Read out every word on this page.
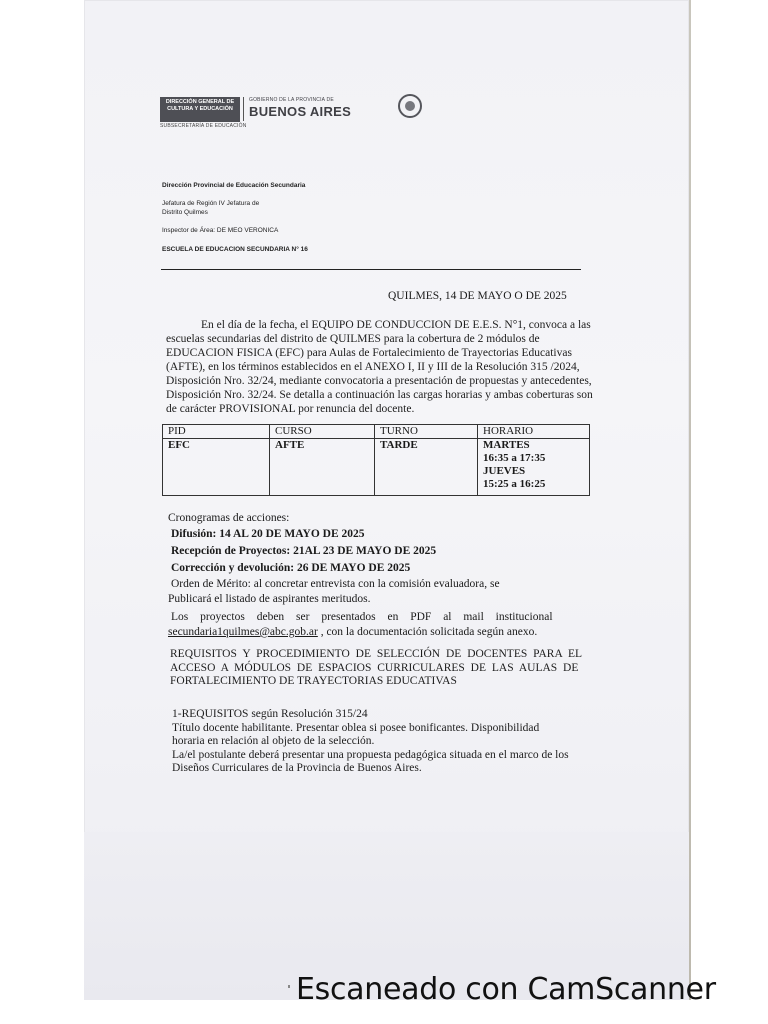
DIRECCIÓN GENERAL DE
CULTURA Y EDUCACIÓN
GOBIERNO DE LA PROVINCIA DE
BUENOS AIRES
SUBSECRETARÍA DE EDUCACIÓN
Dirección Provincial de Educación Secundaria
Jefatura de Región IV Jefatura de
Distrito Quilmes
Inspector de Área: DE MEO VERONICA
ESCUELA DE EDUCACION SECUNDARIA N° 16
QUILMES, 14 DE MAYO O DE 2025
En el día de la fecha, el EQUIPO DE CONDUCCION DE E.E.S. N°1, convoca a las
escuelas secundarias del distrito de QUILMES para la cobertura de 2 módulos de
EDUCACION FISICA (EFC) para Aulas de Fortalecimiento de Trayectorias Educativas
(AFTE), en los términos establecidos en el ANEXO I, II y III de la Resolución 315 /2024,
Disposición Nro. 32/24, mediante convocatoria a presentación de propuestas y antecedentes,
Disposición Nro. 32/24. Se detalla a continuación las cargas horarias y ambas coberturas son
de carácter PROVISIONAL por renuncia del docente.
PID	CURSO	TURNO	HORARIO
EFC	AFTE	TARDE	MARTES
16:35 a 17:35
JUEVES
15:25 a 16:25
Cronogramas de acciones:
Difusión: 14 AL 20 DE MAYO DE 2025
Recepción de Proyectos: 21AL 23 DE MAYO DE 2025
Corrección y devolución: 26 DE MAYO DE 2025
Orden de Mérito: al concretar entrevista con la comisión evaluadora, se
Publicará el listado de aspirantes meritudos.
Los proyectos deben ser presentados en PDF al mail institucional
secundaria1quilmes@abc.gob.ar , con la documentación solicitada según anexo.
REQUISITOS Y PROCEDIMIENTO DE SELECCIÓN DE DOCENTES PARA EL
ACCESO A MÓDULOS DE ESPACIOS CURRICULARES DE LAS AULAS DE
FORTALECIMIENTO DE TRAYECTORIAS EDUCATIVAS
1-REQUISITOS según Resolución 315/24
Título docente habilitante. Presentar oblea si posee bonificantes. Disponibilidad
horaria en relación al objeto de la selección.
La/el postulante deberá presentar una propuesta pedagógica situada en el marco de los
Diseños Curriculares de la Provincia de Buenos Aires.
Escaneado con CamScanner
